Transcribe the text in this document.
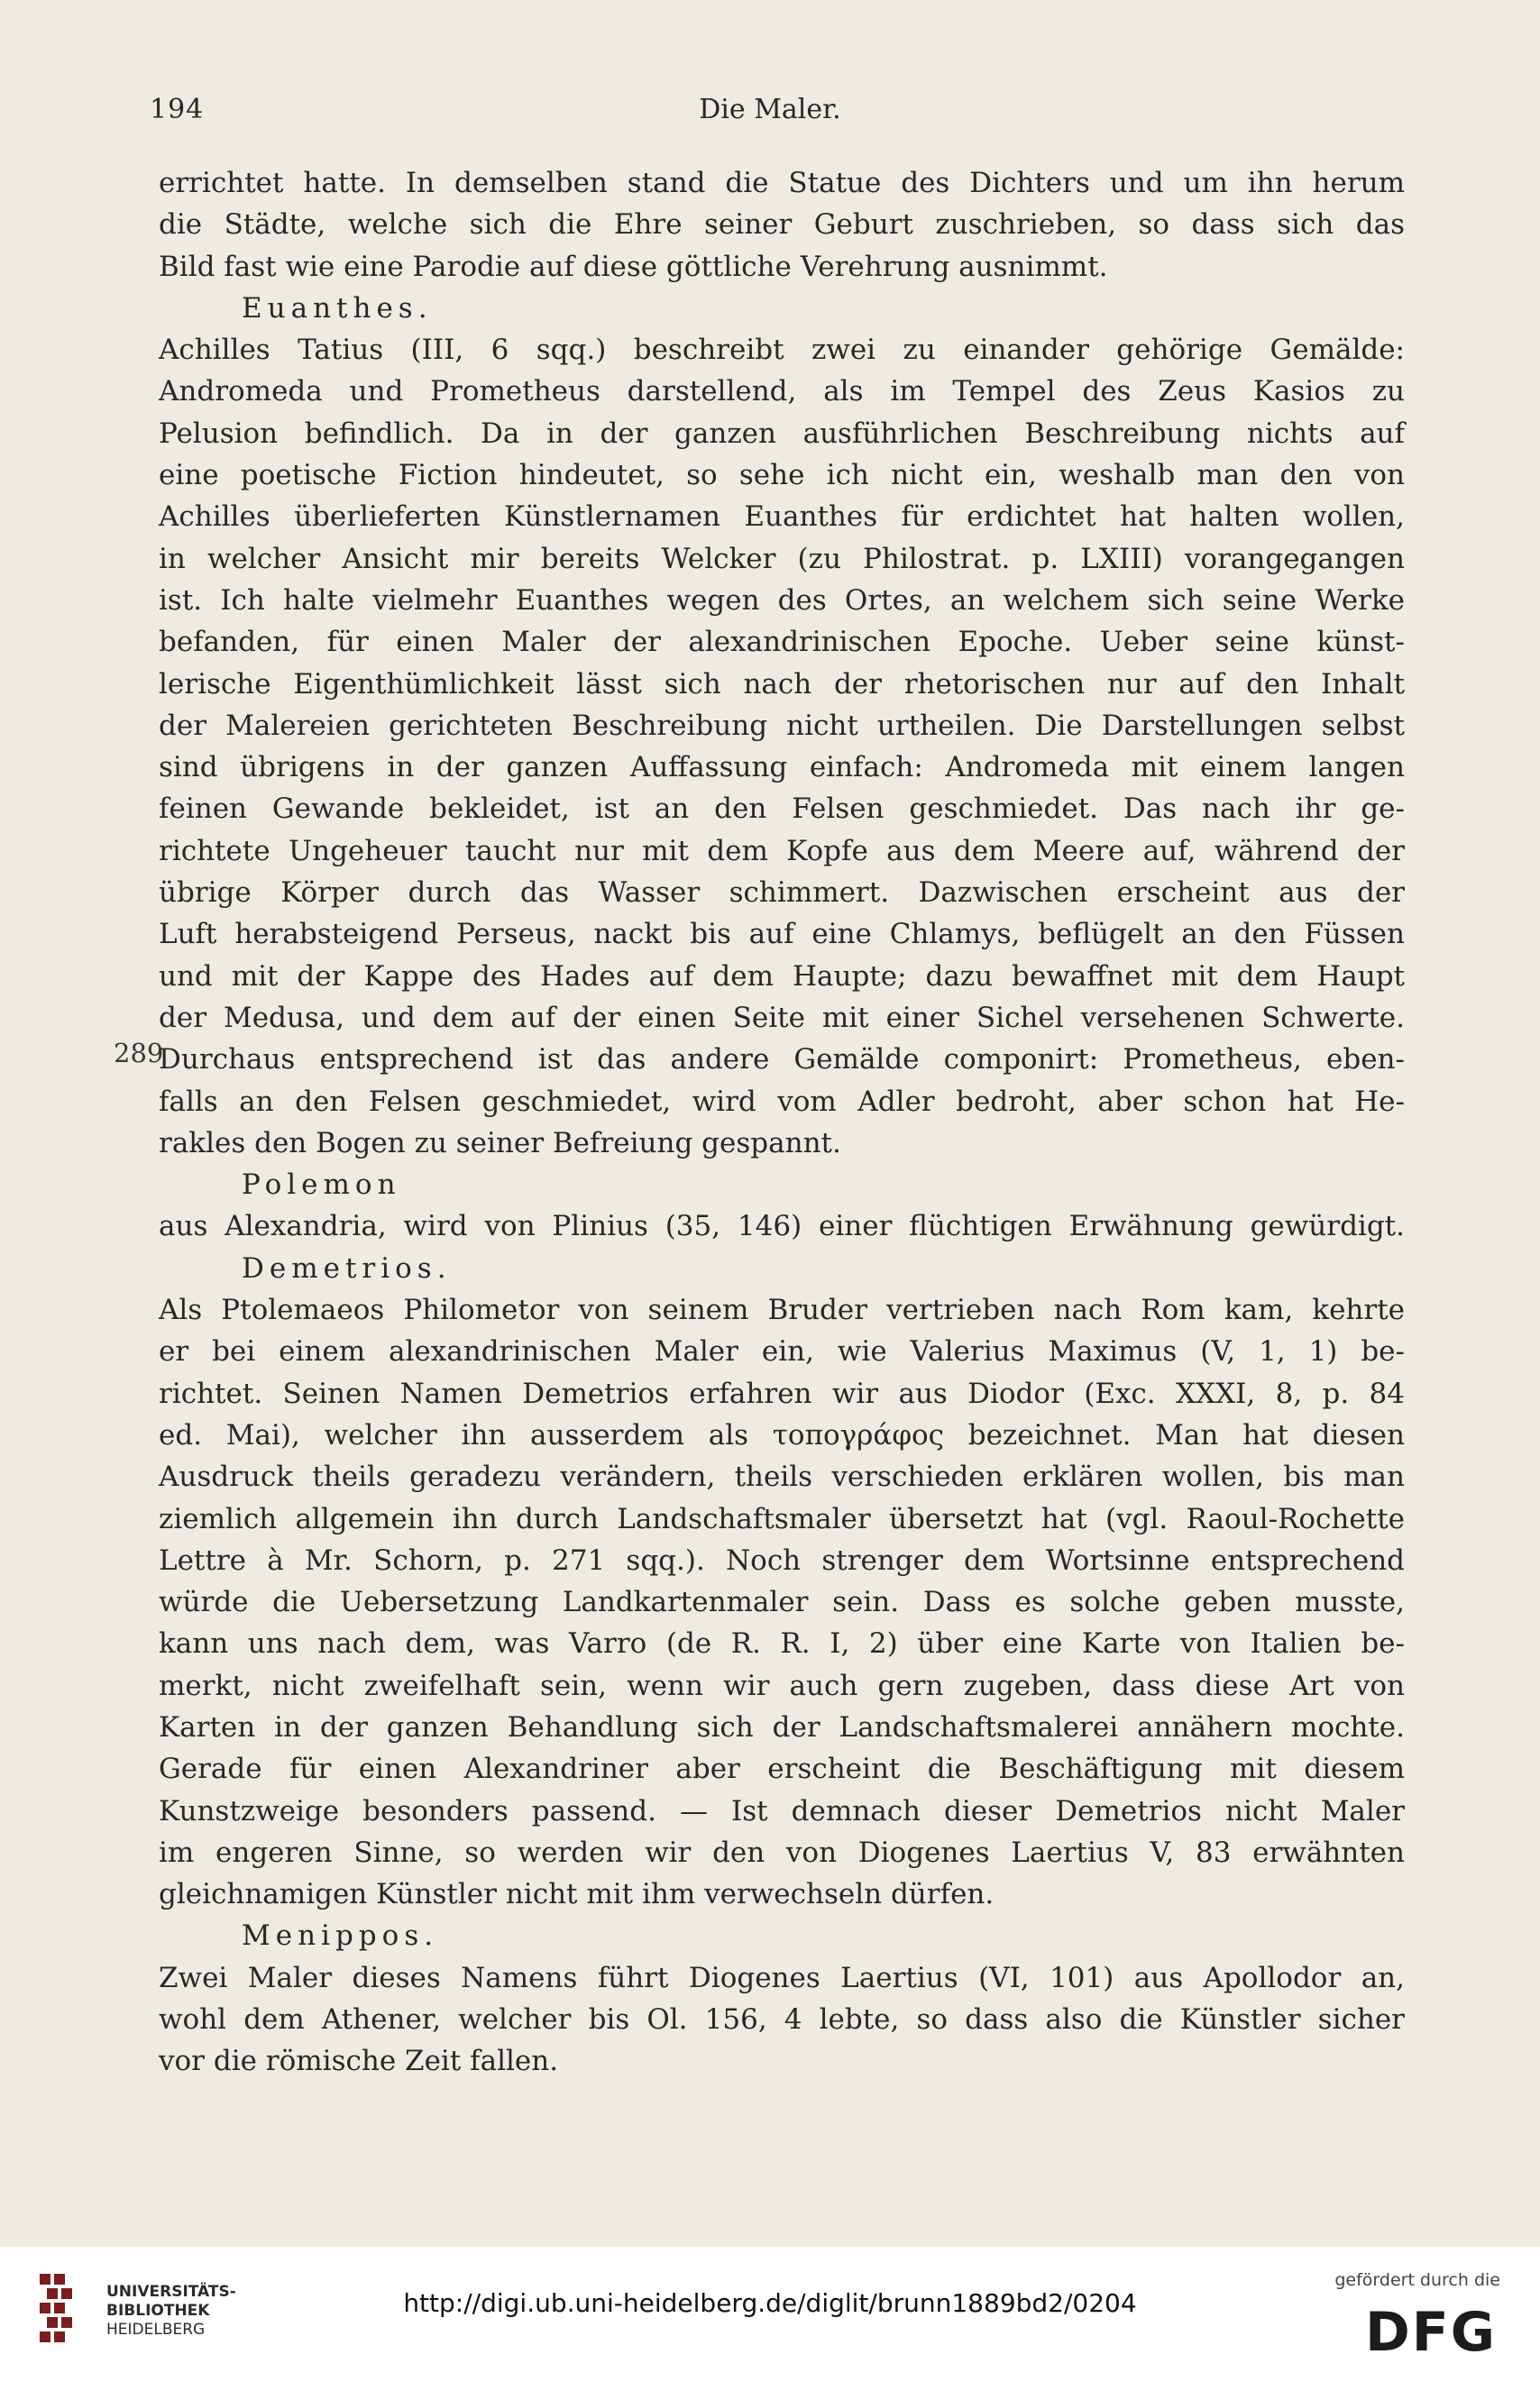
194	Die Maler.
289
errichtet hatte. In demselben stand die Statue des Dichters und um ihn herum
die Städte, welche sich die Ehre seiner Geburt zuschrieben, so dass sich das
Bild fast wie eine Parodie auf diese göttliche Verehrung ausnimmt.
Euanthes.
Achilles Tatius (III, 6 sqq.) beschreibt zwei zu einander gehörige Gemälde:
Andromeda und Prometheus darstellend, als im Tempel des Zeus Kasios zu
Pelusion befindlich. Da in der ganzen ausführlichen Beschreibung nichts auf
eine poetische Fiction hindeutet, so sehe ich nicht ein, weshalb man den von
Achilles überlieferten Künstlernamen Euanthes für erdichtet hat halten wollen,
in welcher Ansicht mir bereits Welcker (zu Philostrat. p. LXIII) vorangegangen
ist. Ich halte vielmehr Euanthes wegen des Ortes, an welchem sich seine Werke
befanden, für einen Maler der alexandrinischen Epoche. Ueber seine künst-
lerische Eigenthümlichkeit lässt sich nach der rhetorischen nur auf den Inhalt
der Malereien gerichteten Beschreibung nicht urtheilen. Die Darstellungen selbst
sind übrigens in der ganzen Auffassung einfach: Andromeda mit einem langen
feinen Gewande bekleidet, ist an den Felsen geschmiedet. Das nach ihr ge-
richtete Ungeheuer taucht nur mit dem Kopfe aus dem Meere auf, während der
übrige Körper durch das Wasser schimmert. Dazwischen erscheint aus der
Luft herabsteigend Perseus, nackt bis auf eine Chlamys, beflügelt an den Füssen
und mit der Kappe des Hades auf dem Haupte; dazu bewaffnet mit dem Haupt
der Medusa, und dem auf der einen Seite mit einer Sichel versehenen Schwerte.
Durchaus entsprechend ist das andere Gemälde componirt: Prometheus, eben-
falls an den Felsen geschmiedet, wird vom Adler bedroht, aber schon hat He-
rakles den Bogen zu seiner Befreiung gespannt.
Polemon
aus Alexandria, wird von Plinius (35, 146) einer flüchtigen Erwähnung gewürdigt.
Demetrios.
Als Ptolemaeos Philometor von seinem Bruder vertrieben nach Rom kam, kehrte
er bei einem alexandrinischen Maler ein, wie Valerius Maximus (V, 1, 1) be-
richtet. Seinen Namen Demetrios erfahren wir aus Diodor (Exc. XXXI, 8, p. 84
ed. Mai), welcher ihn ausserdem als τοπογράφος bezeichnet. Man hat diesen
Ausdruck theils geradezu verändern, theils verschieden erklären wollen, bis man
ziemlich allgemein ihn durch Landschaftsmaler übersetzt hat (vgl. Raoul-Rochette
Lettre à Mr. Schorn, p. 271 sqq.). Noch strenger dem Wortsinne entsprechend
würde die Uebersetzung Landkartenmaler sein. Dass es solche geben musste,
kann uns nach dem, was Varro (de R. R. I, 2) über eine Karte von Italien be-
merkt, nicht zweifelhaft sein, wenn wir auch gern zugeben, dass diese Art von
Karten in der ganzen Behandlung sich der Landschaftsmalerei annähern mochte.
Gerade für einen Alexandriner aber erscheint die Beschäftigung mit diesem
Kunstzweige besonders passend. — Ist demnach dieser Demetrios nicht Maler
im engeren Sinne, so werden wir den von Diogenes Laertius V, 83 erwähnten
gleichnamigen Künstler nicht mit ihm verwechseln dürfen.
Menippos.
Zwei Maler dieses Namens führt Diogenes Laertius (VI, 101) aus Apollodor an,
wohl dem Athener, welcher bis Ol. 156, 4 lebte, so dass also die Künstler sicher
vor die römische Zeit fallen.
UNIVERSITÄTS-
BIBLIOTHEK
HEIDELBERG
http://digi.ub.uni-heidelberg.de/diglit/brunn1889bd2/0204
gefördert durch die
DFG
